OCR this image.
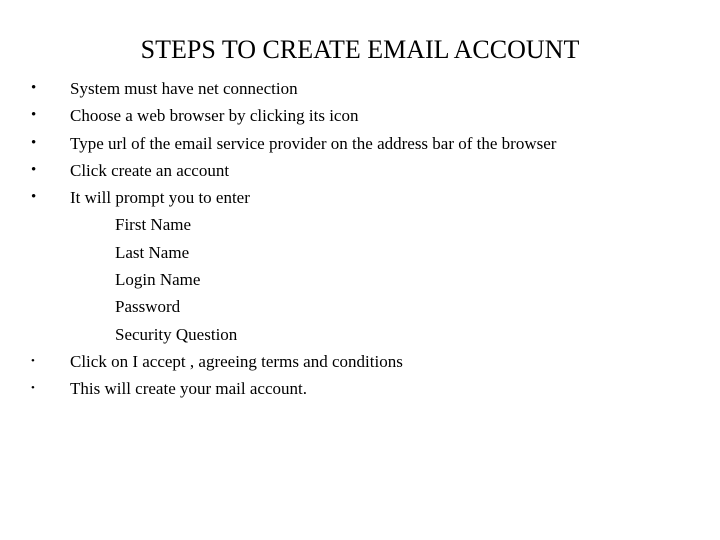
STEPS TO CREATE EMAIL ACCOUNT
• System must have net connection
• Choose a web browser by clicking its icon
• Type url of the email service provider on the address bar of the browser
• Click create an account
• It will prompt you to enter
First Name
Last Name
Login Name
Password
Security Question
• Click on I accept , agreeing terms and conditions
• This will create your mail account.
